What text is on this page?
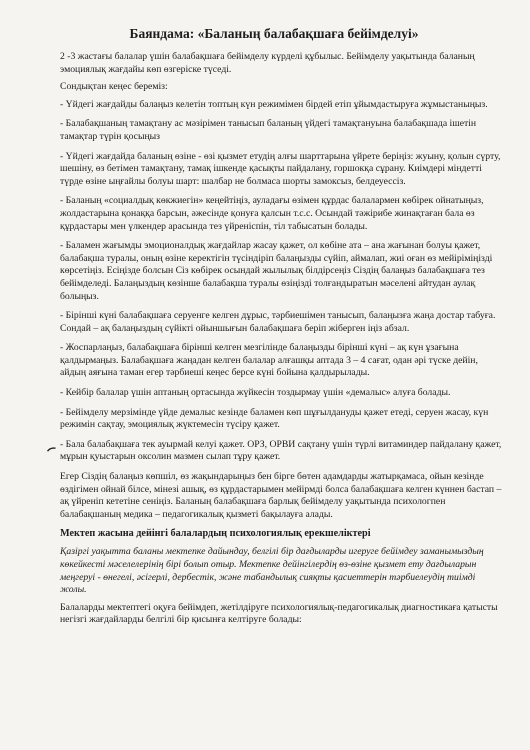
Баяндама: «Баланың балабақшаға бейімделуі»
2 -3 жастағы балалар үшін балабақшаға бейімделу күрделі құбылыс. Бейімделу уақытында баланың эмоциялық жағдайы көп өзгеріске түседі.
Сондықтан кеңес береміз:
- Үйдегі жағдайды балаңыз келетін топтың күн режимімен бірдей етіп ұйымдастыруға жұмыстаныңыз.
- Балабақшаның тамақтану ас мәзірімен танысып баланың үйдегі тамақтануына балабақшада ішетін тамақтар түрін қосыңыз
- Үйдегі жағдайда баланың өзіне - өзі қызмет етудің алғы шарттарына үйрете беріңіз: жуыну, қолын сүрту, шешіну, өз бетімен тамақтану, тамақ ішкенде қасықты пайдалану, горшокқа сұрану. Киімдері міндетті түрде өзіне ыңғайлы болуы шарт: шалбар не болмаса шорты замоксыз, белдеуессіз.
- Баланың «социалдық көкжиегін» кеңейтіңіз, ауладағы өзімен құрдас балалармен көбірек ойнатыңыз, жолдастарына қонаққа барсын, әжесінде қонуға қалсын т.с.с. Осындай тәжірибе жинақтаған бала өз құрдастары мен үлкендер арасында тез үйреніспін, тіл табысатын болады.
- Баламен жағымды эмоционалдық жағдайлар жасау қажет, ол көбіне ата – ана жағынан болуы қажет, балабақша туралы, оның өзіне керектігін түсіндіріп балаңызды сүйіп, аймалап, жиі оған өз мейіріміңізді көрсетіңіз. Есіңізде болсын Сіз көбірек осындай жылылық білдірсеңіз Сіздің балаңыз балабақшаға тез бейімделеді. Балаңыздың көзінше балабақша туралы өзіңізді толғандыратын мәселені айтудан аулақ болыңыз.
- Бірінші күні балабақшаға серуенге келген дұрыс, тәрбиешімен танысып, балаңызға жаңа достар табуға. Сондай – ақ балаңыздың сүйікті ойыншығын балабақшаға беріп жіберген іңіз абзал.
- Жоспарлаңыз, балабақшаға бірінші келген мезгілінде балаңызды бірінші күні – ақ күн ұзағына қалдырмаңыз. Балабақшаға жаңадан келген балалар алғашқы аптада 3 – 4 сағат, одан әрі түске дейін, айдың аяғына таман егер тәрбиеші кеңес берсе күні бойына қалдырылады.
- Кейбір балалар үшін аптаның ортасында жүйкесін тоздырмау үшін «демалыс» алуға болады.
- Бейімделу мерзімінде үйде демалыс кезінде баламен көп шұғылдануды қажет етеді, серуен жасау, күн режимін сақтау, эмоциялық жүктемесін түсіру қажет.
- Бала балабақшаға тек ауырмай келуі қажет. ОРЗ, ОРВИ сақтану үшін түрлі витаминдер пайдалану қажет, мұрын қуыстарын оксолин мазмен сылап тұру қажет.
Егер Сіздің балаңыз көпшіл, өз жақындарыңыз бен бірге бөтен адамдарды жатырқамаса, ойын кезінде өздігімен ойнай білсе, мінезі ашық, өз құрдастарымен мейірмді болса балабақшаға келген күннен бастап – ақ үйреніп кететіне сеніңіз. Баланың балабақшаға барлық бейімделу уақытында психологпен балабақшаның медика – педагогикалық қызметі бақылауға алады.
Мектеп жасына дейінгі балалардың психологиялық ерекшеліктері
Қазіргі уақытта баланы мектепке дайындау, белгілі бір дағдыларды игеруге бейімдеу заманымыздың көкейкесті мәселелерінің бірі болып отыр. Мектепке дейінгілердің өз-өзіне қызмет ету дағдыларын меңгеруі - өнегелі, әсігерлі, дербестік, және табандылық сияқты қасиеттерін тәрбиелеудің тиімді жолы.
Балаларды мектептегі оқуға бейімдеп, жетілдіруге психологиялық-педагогикалық диагностикаға қатысты негізгі жағдайларды белгілі бір қисынға келтіруге болады:
